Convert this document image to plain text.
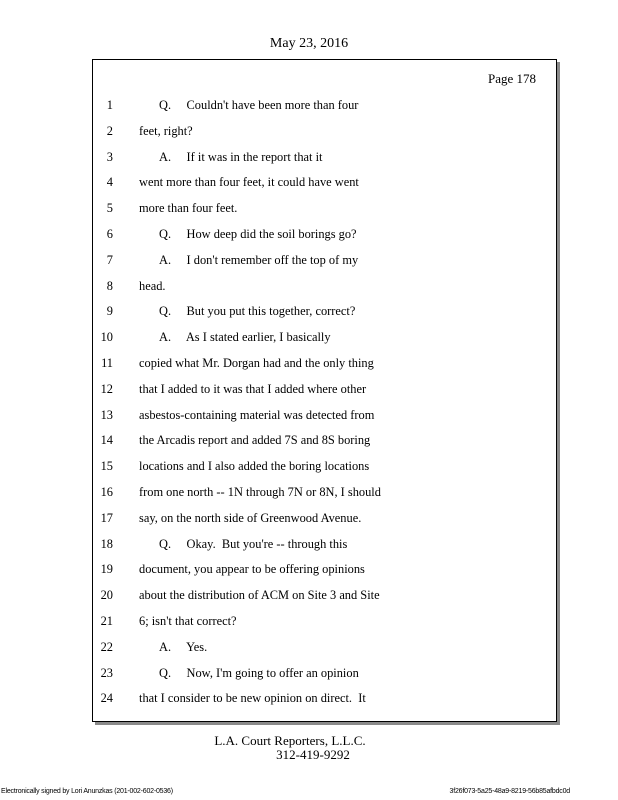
May 23, 2016
Page 178
1	Q.     Couldn't have been more than four
2 feet, right?
3	A.     If it was in the report that it
4 went more than four feet, it could have went
5 more than four feet.
6	Q.     How deep did the soil borings go?
7	A.     I don't remember off the top of my
8 head.
9	Q.     But you put this together, correct?
10	A.     As I stated earlier, I basically
11 copied what Mr. Dorgan had and the only thing
12 that I added to it was that I added where other
13 asbestos-containing material was detected from
14 the Arcadis report and added 7S and 8S boring
15 locations and I also added the boring locations
16 from one north -- 1N through 7N or 8N, I should
17 say, on the north side of Greenwood Avenue.
18	Q.     Okay.  But you're -- through this
19 document, you appear to be offering opinions
20 about the distribution of ACM on Site 3 and Site
21 6; isn't that correct?
22	A.     Yes.
23	Q.     Now, I'm going to offer an opinion
24 that I consider to be new opinion on direct.  It
L.A. Court Reporters, L.L.C.
312-419-9292
Electronically signed by Lori Anunzkas (201-002-602-0536)	3f26f073-5a25-48a9-8219-56b85afbdc0d
